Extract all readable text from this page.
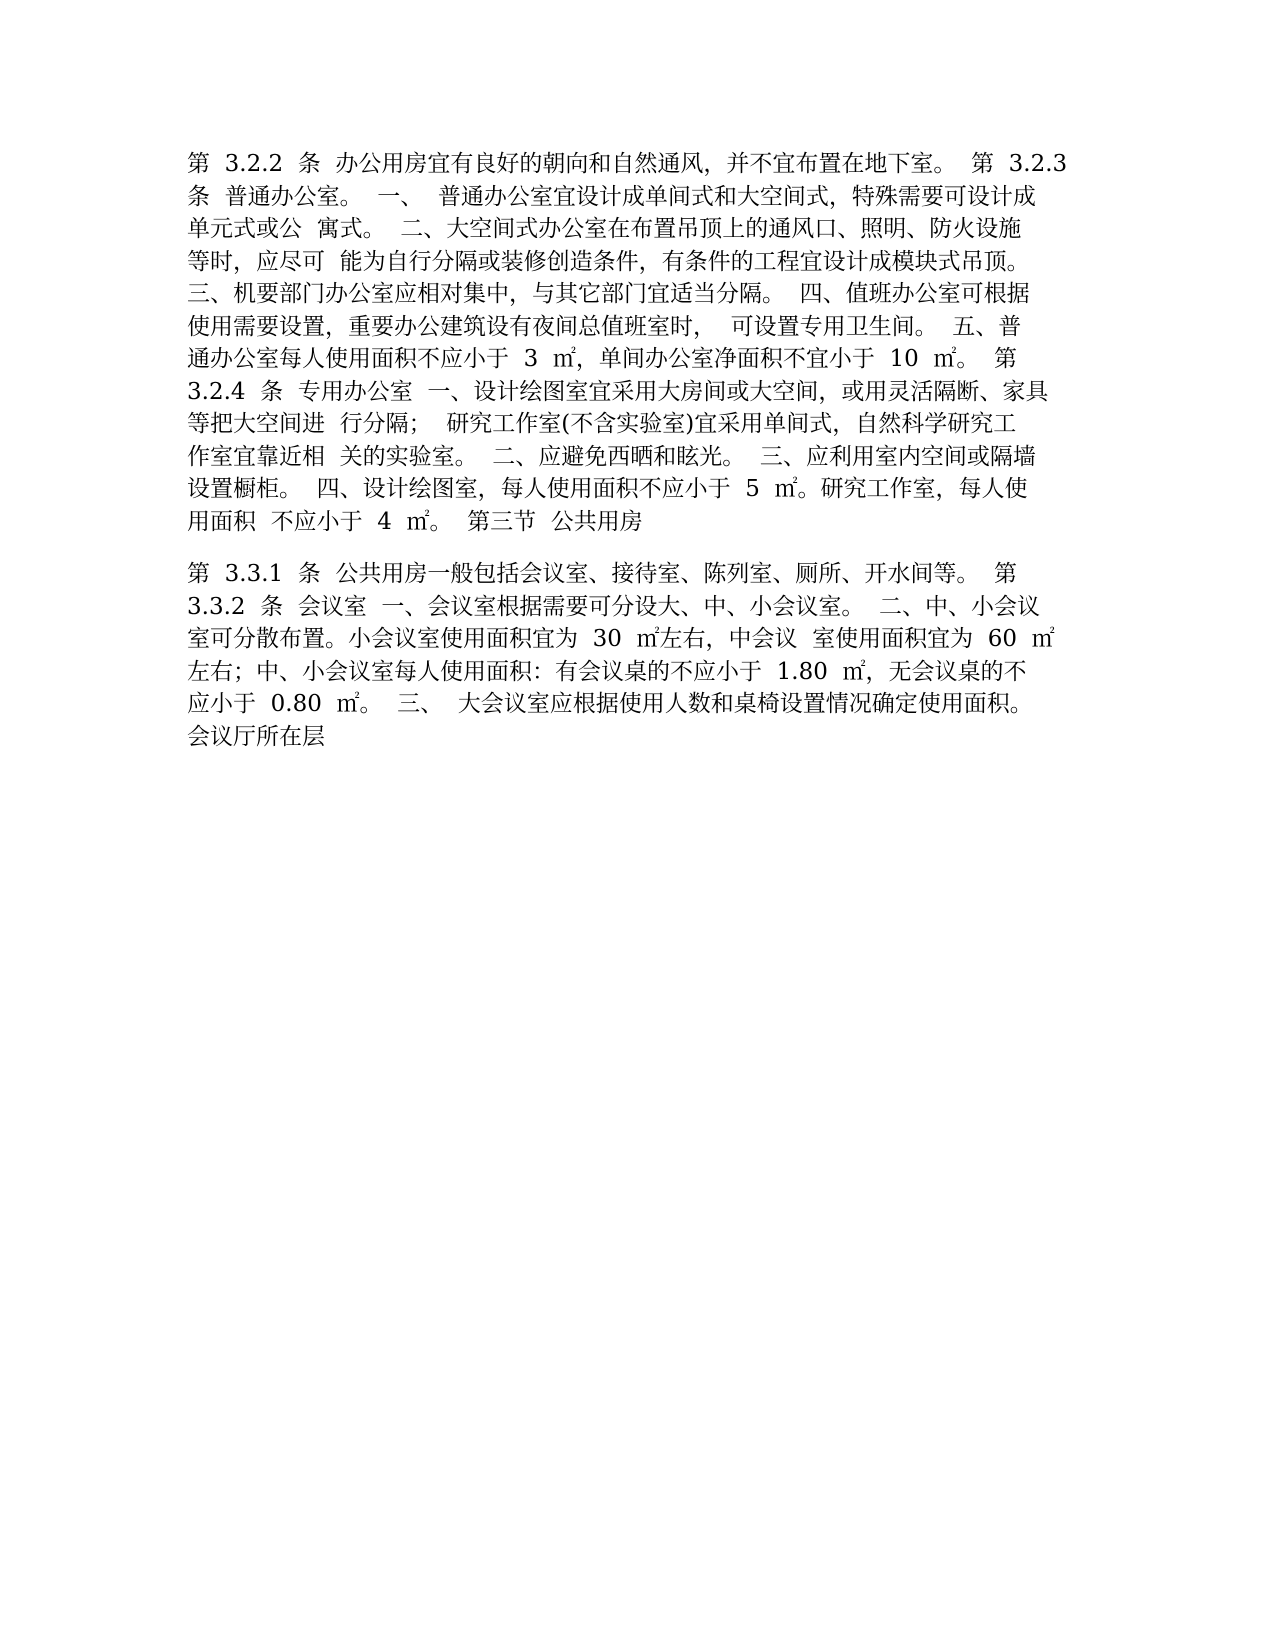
第  3.2.2  条  办公用房宜有良好的朝向和自然通风，并不宜布置在地下室。  第  3.2.3
条  普通办公室。  一、  普通办公室宜设计成单间式和大空间式，特殊需要可设计成
单元式或公  寓式。  二、大空间式办公室在布置吊顶上的通风口、照明、防火设施
等时，应尽可  能为自行分隔或装修创造条件，有条件的工程宜设计成模块式吊顶。
三、机要部门办公室应相对集中，与其它部门宜适当分隔。  四、值班办公室可根据
使用需要设置，重要办公建筑设有夜间总值班室时，  可设置专用卫生间。  五、普
通办公室每人使用面积不应小于  3  ㎡，单间办公室净面积不宜小于  10  ㎡。  第
3.2.4  条  专用办公室  一、设计绘图室宜采用大房间或大空间，或用灵活隔断、家具
等把大空间进  行分隔；  研究工作室(不含实验室)宜采用单间式，自然科学研究工
作室宜靠近相  关的实验室。  二、应避免西晒和眩光。  三、应利用室内空间或隔墙
设置橱柜。  四、设计绘图室，每人使用面积不应小于  5  ㎡。研究工作室，每人使
用面积  不应小于  4  ㎡。  第三节  公共用房
第  3.3.1  条  公共用房一般包括会议室、接待室、陈列室、厕所、开水间等。  第
3.3.2  条  会议室  一、会议室根据需要可分设大、中、小会议室。  二、中、小会议
室可分散布置。小会议室使用面积宜为  30  ㎡左右，中会议  室使用面积宜为  60  ㎡
左右；中、小会议室每人使用面积：有会议桌的不应小于  1.80  ㎡，无会议桌的不
应小于  0.80  ㎡。  三、  大会议室应根据使用人数和桌椅设置情况确定使用面积。
会议厅所在层
